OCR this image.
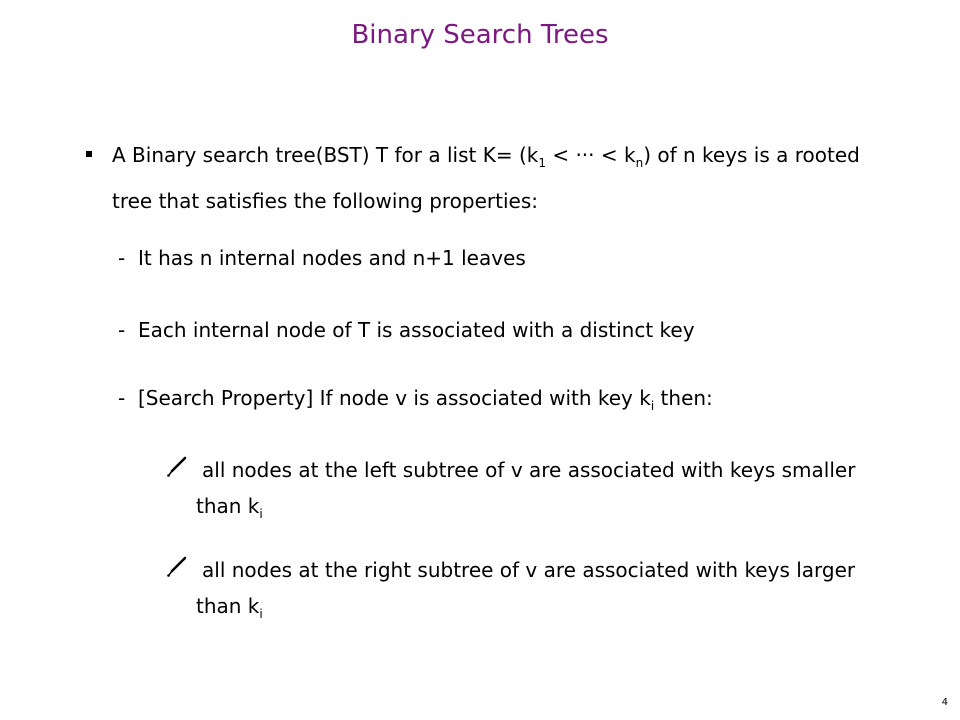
Binary Search Trees
A Binary search tree(BST) T for a list $K= (k_1$ < ··· < $k_n$) of n keys is a rooted tree that satisfies the following properties:
- It has n internal nodes and n+1 leaves
- Each internal node of T is associated with a distinct key
- [Search Property] If node v is associated with key $k_i$ then:
all nodes at the left subtree of v are associated with keys smaller than $k_i$
all nodes at the right subtree of v are associated with keys larger than $k_i$
4
